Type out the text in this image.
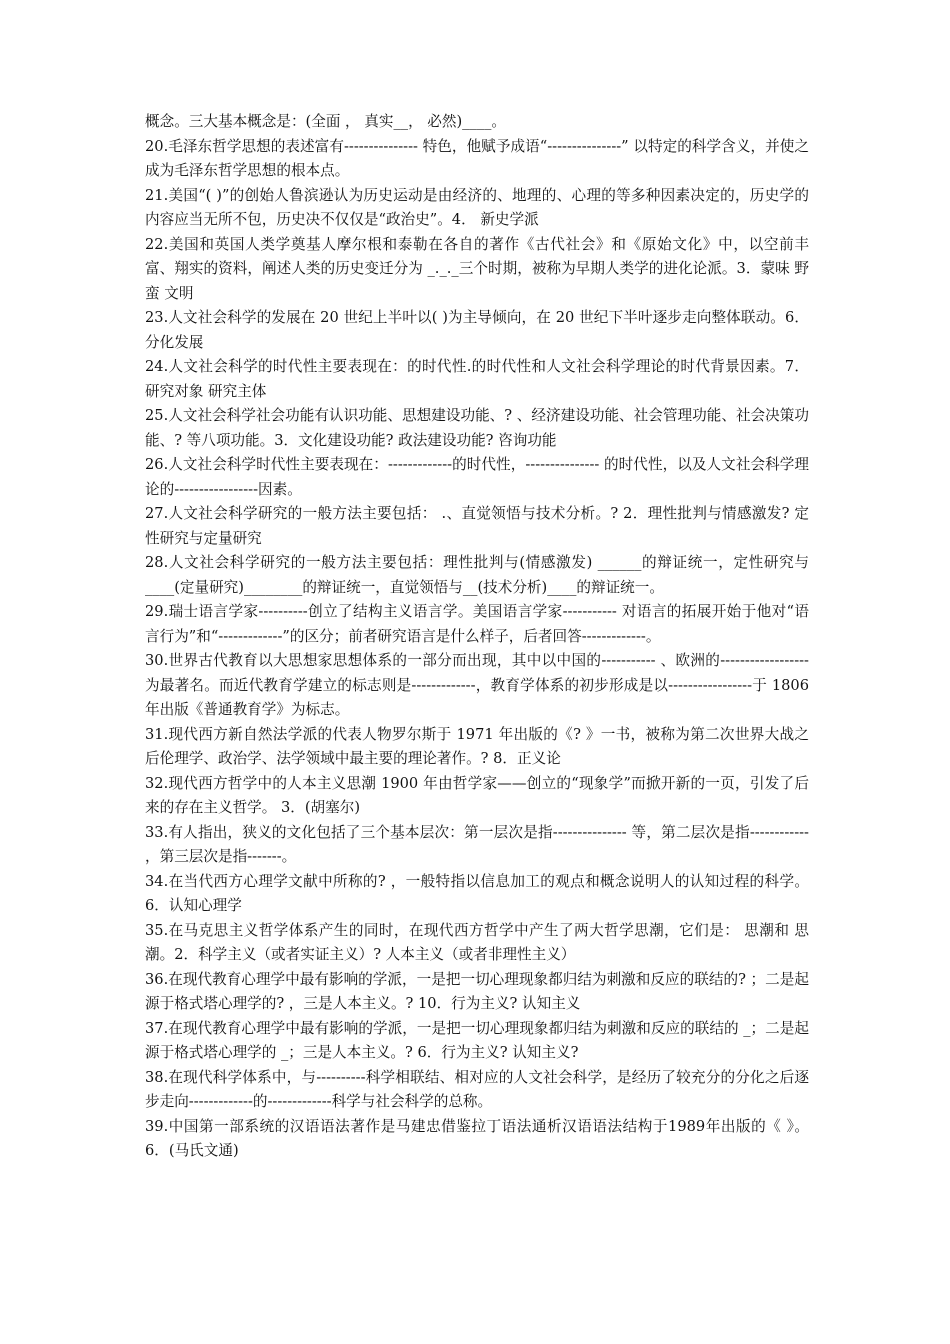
概念。三大基本概念是：(全面 ， 真实__， 必然)____。

20.毛泽东哲学思想的表述富有--------------- 特色，他赋予成语“---------------” 以特定的科学含义，并使之成为毛泽东哲学思想的根本点。

21.美国“( )”的创始人鲁滨逊认为历史运动是由经济的、地理的、心理的等多种因素决定的，历史学的内容应当无所不包，历史决不仅仅是“政治史”。4． 新史学派

22.美国和英国人类学奠基人摩尔根和泰勒在各自的著作《古代社会》和《原始文化》中，以空前丰富、翔实的资料，阐述人类的历史变迁分为 _._._三个时期，被称为早期人类学的进化论派。3．蒙味 野蛮 文明

23.人文社会科学的发展在 20 世纪上半叶以( )为主导倾向，在 20 世纪下半叶逐步走向整体联动。6．分化发展

24.人文社会科学的时代性主要表现在：的时代性.的时代性和人文社会科学理论的时代背景因素。7．研究对象 研究主体

25.人文社会科学社会功能有认识功能、思想建设功能、? 、经济建设功能、社会管理功能、社会决策功能、? 等八项功能。3．文化建设功能? 政法建设功能? 咨询功能

26.人文社会科学时代性主要表现在：-------------的时代性，--------------- 的时代性，以及人文社会科学理论的-----------------因素。

27.人文社会科学研究的一般方法主要包括： .、直觉领悟与技术分析。? 2．理性批判与情感激发? 定性研究与定量研究

28.人文社会科学研究的一般方法主要包括：理性批判与(情感激发) ______的辩证统一，定性研究与____(定量研究)________的辩证统一，直觉领悟与__(技术分析)____的辩证统一。

29.瑞士语言学家----------创立了结构主义语言学。美国语言学家----------- 对语言的拓展开始于他对“语言行为”和“-------------”的区分；前者研究语言是什么样子，后者回答-------------。

30.世界古代教育以大思想家思想体系的一部分而出现，其中以中国的----------- 、欧洲的------------------为最著名。而近代教育学建立的标志则是-------------，教育学体系的初步形成是以-----------------于 1806 年出版《普通教育学》为标志。

31.现代西方新自然法学派的代表人物罗尔斯于 1971 年出版的《? 》一书，被称为第二次世界大战之后伦理学、政治学、法学领域中最主要的理论著作。? 8．正义论

32.现代西方哲学中的人本主义思潮 1900 年由哲学家——创立的“现象学”而掀开新的一页，引发了后来的存在主义哲学。 3．(胡塞尔)

33.有人指出，狭义的文化包括了三个基本层次：第一层次是指--------------- 等，第二层次是指------------ ，第三层次是指-------。

34.在当代西方心理学文献中所称的? ，一般特指以信息加工的观点和概念说明人的认知过程的科学。6．认知心理学

35.在马克思主义哲学体系产生的同时，在现代西方哲学中产生了两大哲学思潮，它们是： 思潮和 思潮。2．科学主义（或者实证主义）? 人本主义（或者非理性主义）

36.在现代教育心理学中最有影响的学派，一是把一切心理现象都归结为刺激和反应的联结的? ；二是起源于格式塔心理学的? ，三是人本主义。? 10．行为主义? 认知主义

37.在现代教育心理学中最有影响的学派，一是把一切心理现象都归结为刺激和反应的联结的 _；二是起源于格式塔心理学的 _；三是人本主义。? 6．行为主义? 认知主义?

38.在现代科学体系中，与----------科学相联结、相对应的人文社会科学，是经历了较充分的分化之后逐步走向-------------的-------------科学与社会科学的总称。

39.中国第一部系统的汉语语法著作是马建忠借鉴拉丁语法通析汉语语法结构于1989年出版的《 》。 6．(马氏文通)
